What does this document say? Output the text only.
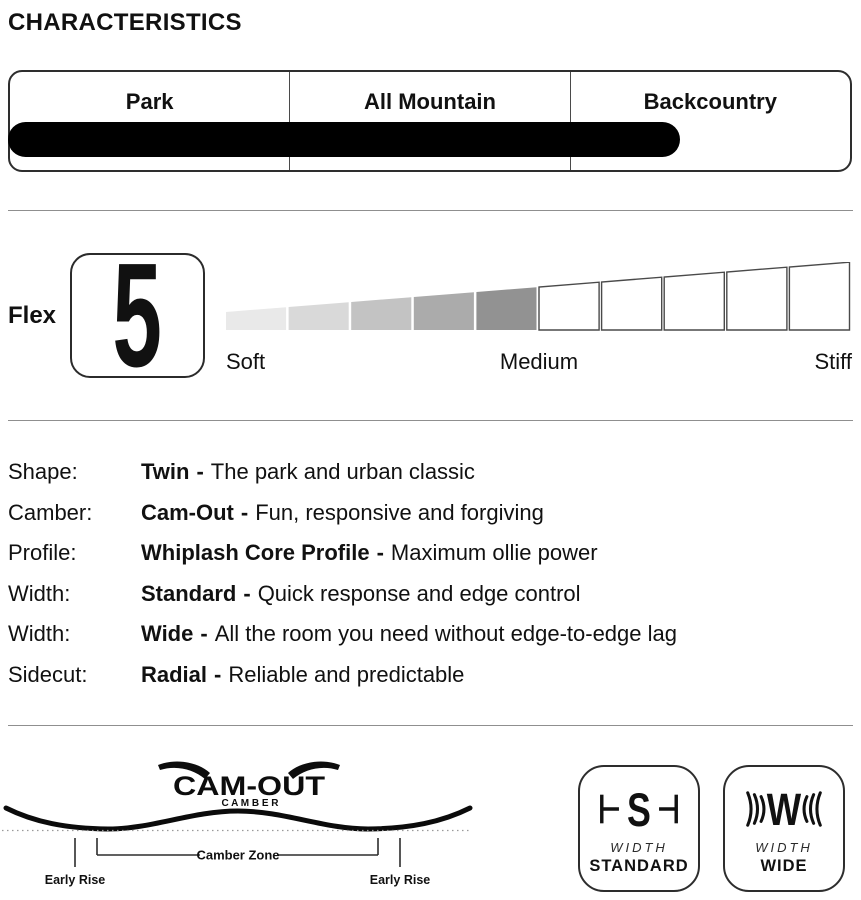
CHARACTERISTICS
Park	All Mountain	Backcountry
Flex 5	Soft	Medium	Stiff
Shape:	Twin - The park and urban classic
Camber:	Cam-Out - Fun, responsive and forgiving
Profile:	Whiplash Core Profile - Maximum ollie power
Width:	Standard - Quick response and edge control
Width:	Wide - All the room you need without edge-to-edge lag
Sidecut:	Radial - Reliable and predictable
CAM-OUT
C A M B E R
Camber Zone
Early Rise	Early Rise
S
WIDTH
STANDARD
W
WIDTH
WIDE
